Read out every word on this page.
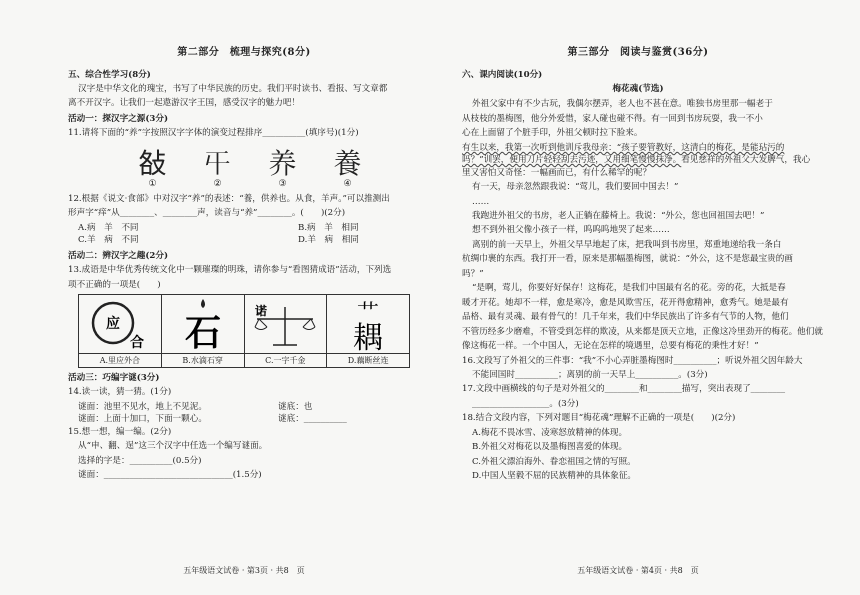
第二部分　梳理与探究(8分)

五、综合性学习(8分)

汉字是中华文化的瑰宝，书写了中华民族的历史。我们平时读书、看报、写文章都

离不开汉字。让我们一起遨游汉字王国，感受汉字的魅力吧！

活动一：探汉字之源(3分)

11.请将下面的“养”字按照汉字字体的演变过程排序__________(填序号)(1分)

𢼛 𡕒 养 養
①	②	③	④

12.根据《说文·食部》中对汉字“养”的表述：“養，供养也。从食，羊声。”可以推测出

形声字“痒”从________、________声，读音与“养”________。(　　)(2分)

A.病　羊　不同	B.病　羊　相同
C.羊　病　不同	D.羊　病　相同

活动二：辨汉字之趣(2分)

13.成语是中华优秀传统文化中一颗璀璨的明珠，请你参与“看图猜成语”活动，下列选

项不正确的一项是(　　)

应
合
A.里应外合
石
B.水滴石穿
诺
C.一字千金
艹
耦
D.藕断丝连

活动三：巧编字谜(3分)

14.读一读，猜一猜。(1分)

谜面：池里不见水，地上不见泥。	谜底：也
谜面：上面十加口，下面一颗心。	谜底：__________

15.想一想，编一编。(2分)

从“申、翻、逞”这三个汉字中任选一个编写谜面。

选择的字是：__________(0.5分)

谜面：______________________________(1.5分)

五年级语文试卷 · 第3页 · 共8　页
第三部分　阅读与鉴赏(36分)

六、课内阅读(10分)

梅花魂(节选)

外祖父家中有不少古玩，我偶尔摆弄，老人也不甚在意。唯独书房里那一幅老于

从枝枝的墨梅图，他分外爱惜，家人碰也碰不得。有一回到书房玩耍，我一不小

心在上面留了个脏手印，外祖父顿时拉下脸来。

有生以来，我第一次听到他训斥我母亲：“孩子要管教好，这清白的梅花，是能玷污的吗？”训罢，便用刀片轻轻刮去污迹，又用细笔慢慢抹净。看见慈祥的外祖父大发脾气，我心里又害怕又奇怪：一幅画而已，有什么稀罕的呢？

有一天，母亲忽然跟我说：“莺儿，我们要回中国去！”

……

我跑进外祖父的书房，老人正躺在藤椅上。我说：“外公，您也回祖国去吧！”

想不到外祖父像小孩子一样，呜呜呜地哭了起来……

离别的前一天早上，外祖父早早地起了床，把我叫到书房里，郑重地递给我一条白

杭绸巾裹的东西。我打开一看，原来是那幅墨梅图，就说：“外公，这不是您最宝贵的画

吗？”

“是啊，莺儿，你要好好保存！这梅花，是我们中国最有名的花。旁的花，大抵是春

暖才开花。她却不一样，愈是寒冷，愈是风欺雪压，花开得愈精神，愈秀气。她是最有

品格、最有灵魂、最有骨气的！几千年来，我们中华民族出了许多有气节的人物，他们

不管历经多少磨难，不管受到怎样的欺凌，从来都是顶天立地，正像这冷里劲开的梅花。他们就

像这梅花一样。一个中国人，无论在怎样的境遇里，总要有梅花的秉性才好！”

16.文段写了外祖父的三件事：“我”不小心弄脏墨梅图时__________；听说外祖父因年龄大

不能回国时__________；离别的前一天早上__________。(3分)

17.文段中画横线的句子是对外祖父的________和________描写，突出表现了________

__________________。(3分)

18.结合文段内容，下列对题目“梅花魂”理解不正确的一项是(　　)(2分)

A.梅花不畏冰雪、凌寒怒放精神的体现。

B.外祖父对梅花以及墨梅图喜爱的体现。

C.外祖父漂泊海外、眷恋祖国之情的写照。

D.中国人坚毅不屈的民族精神的具体象征。

五年级语文试卷 · 第4页 · 共8　页
